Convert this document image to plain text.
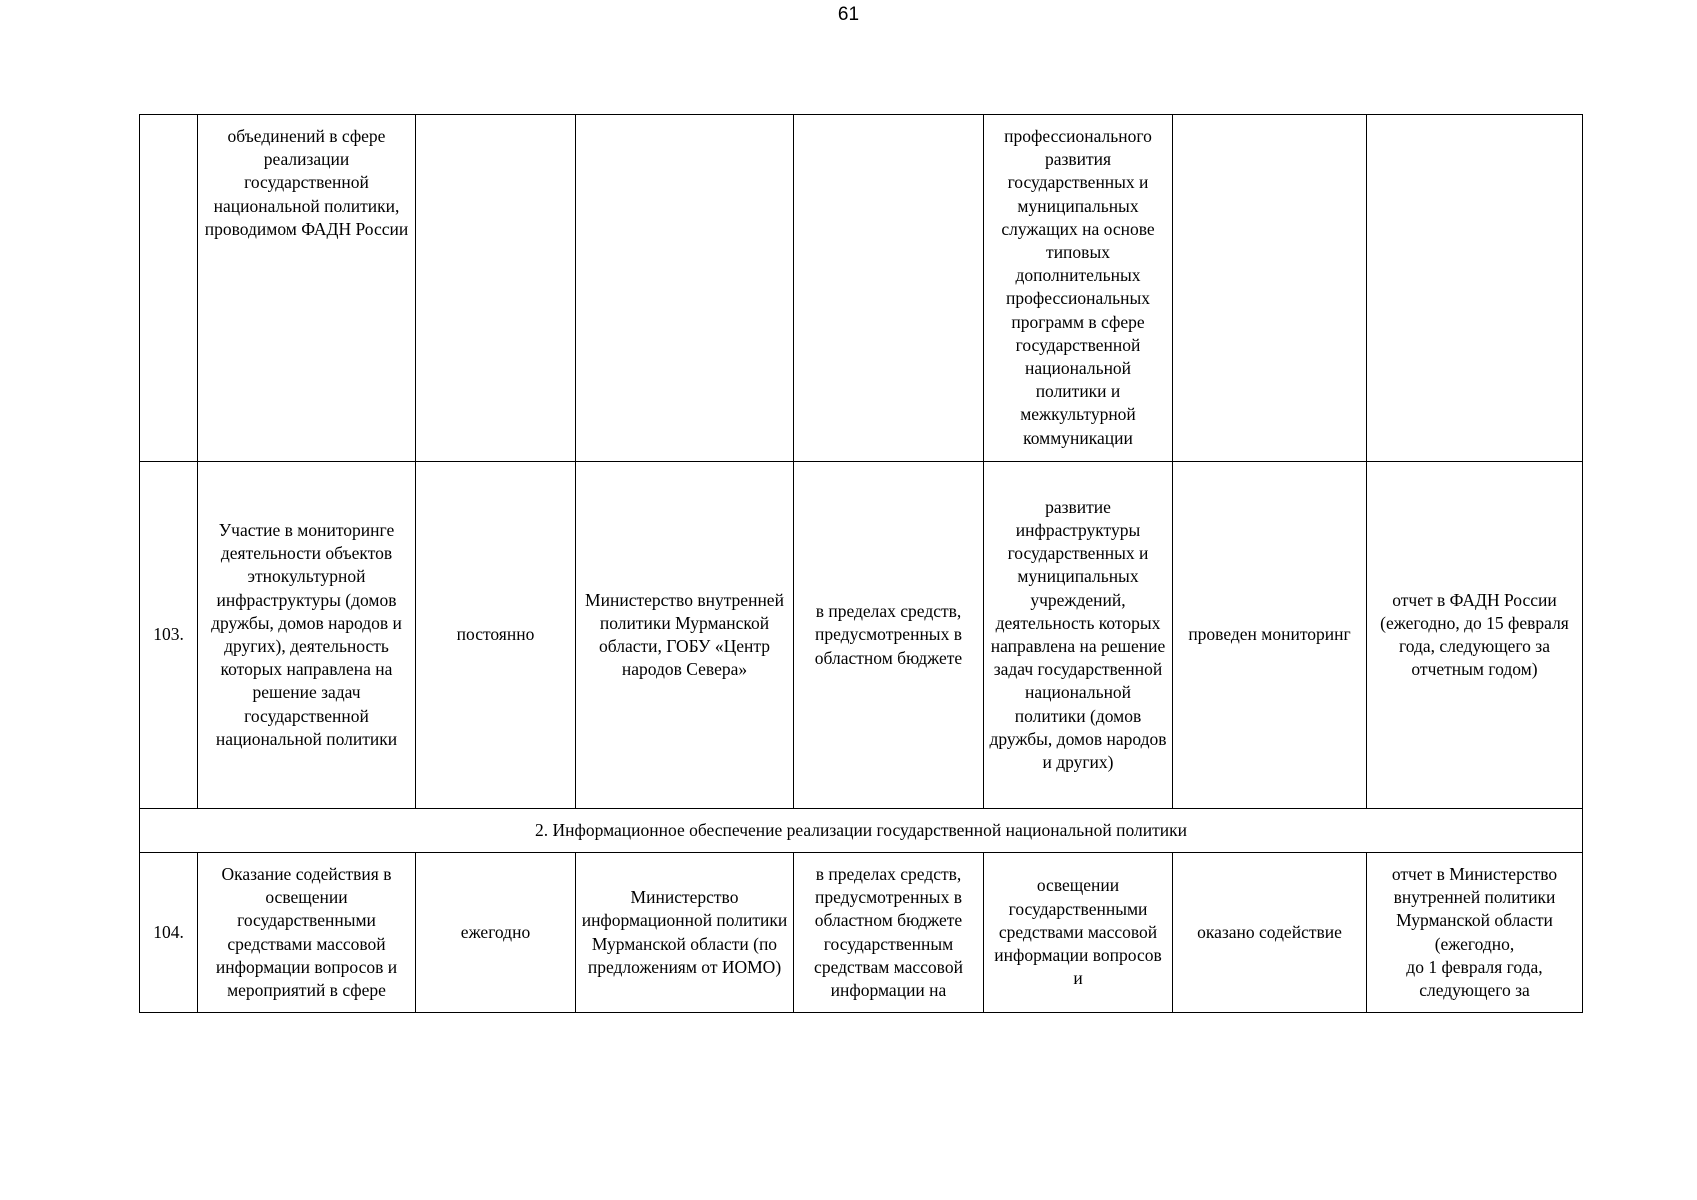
61
	объединений в сфере реализации государственной национальной политики, проводимом ФАДН России				профессионального развития государственных и муниципальных служащих на основе типовых дополнительных профессиональных программ в сфере государственной национальной политики и межкультурной коммуникации		
103.	Участие в мониторинге деятельности объектов этнокультурной инфраструктуры (домов дружбы, домов народов и других), деятельность которых направлена на решение задач государственной национальной политики	постоянно	Министерство внутренней политики Мурманской области, ГОБУ «Центр народов Севера»	в пределах средств, предусмотренных в областном бюджете	развитие инфраструктуры государственных и муниципальных учреждений, деятельность которых направлена на решение задач государственной национальной политики (домов дружбы, домов народов и других)	проведен мониторинг	отчет в ФАДН России (ежегодно, до 15 февраля года, следующего за отчетным годом)
2. Информационное обеспечение реализации государственной национальной политики							
104.	Оказание содействия в освещении государственными средствами массовой информации вопросов и мероприятий в сфере	ежегодно	Министерство информационной политики Мурманской области (по предложениям от ИОМО)	в пределах средств, предусмотренных в областном бюджете государственным средствам массовой информации на	освещении государственными средствами массовой информации вопросов и	оказано содействие	отчет в Министерство внутренней политики Мурманской области (ежегодно,
до 1 февраля года, следующего за
